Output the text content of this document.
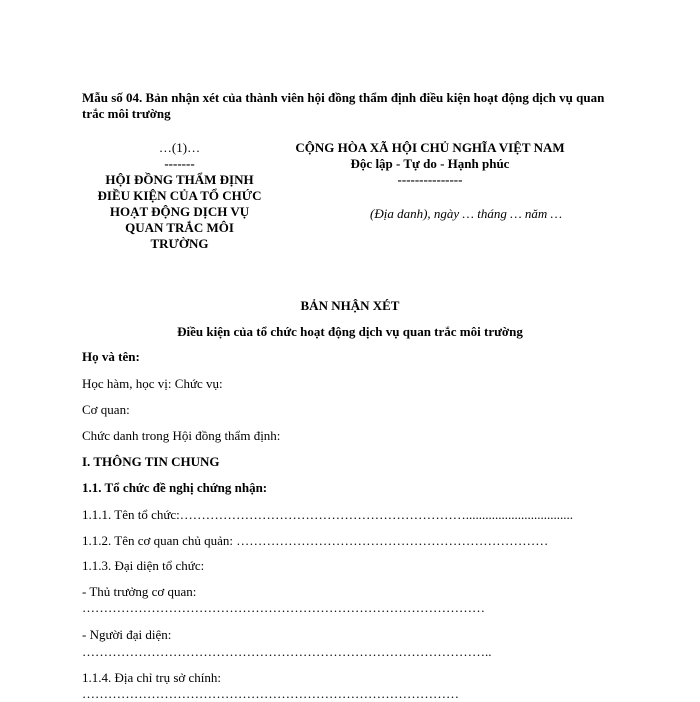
Mẫu số 04. Bản nhận xét của thành viên hội đồng thẩm định điều kiện hoạt động dịch vụ quan trắc môi trường
…(1)…
-------
HỘI ĐỒNG THẨM ĐỊNH
ĐIỀU KIỆN CỦA TỔ CHỨC
HOẠT ĐỘNG DỊCH VỤ
QUAN TRẮC MÔI
TRƯỜNG
CỘNG HÒA XÃ HỘI CHỦ NGHĨA VIỆT NAM
Độc lập - Tự do - Hạnh phúc
---------------
(Địa danh), ngày … tháng … năm …
BẢN NHẬN XÉT
Điều kiện của tổ chức hoạt động dịch vụ quan trắc môi trường
Họ và tên:
Học hàm, học vị: Chức vụ:
Cơ quan:
Chức danh trong Hội đồng thẩm định:
I. THÔNG TIN CHUNG
1.1. Tổ chức đề nghị chứng nhận:
1.1.1. Tên tổ chức:………………………………………………………….................................
1.1.2. Tên cơ quan chủ quản: ………………………………………………………………
1.1.3. Đại diện tổ chức:
- Thủ trưởng cơ quan:
…………………………………………………………………………………
- Người đại diện:
…………………………………………………………………………………..
1.1.4. Địa chỉ trụ sở chính:
……………………………………………………………………………
